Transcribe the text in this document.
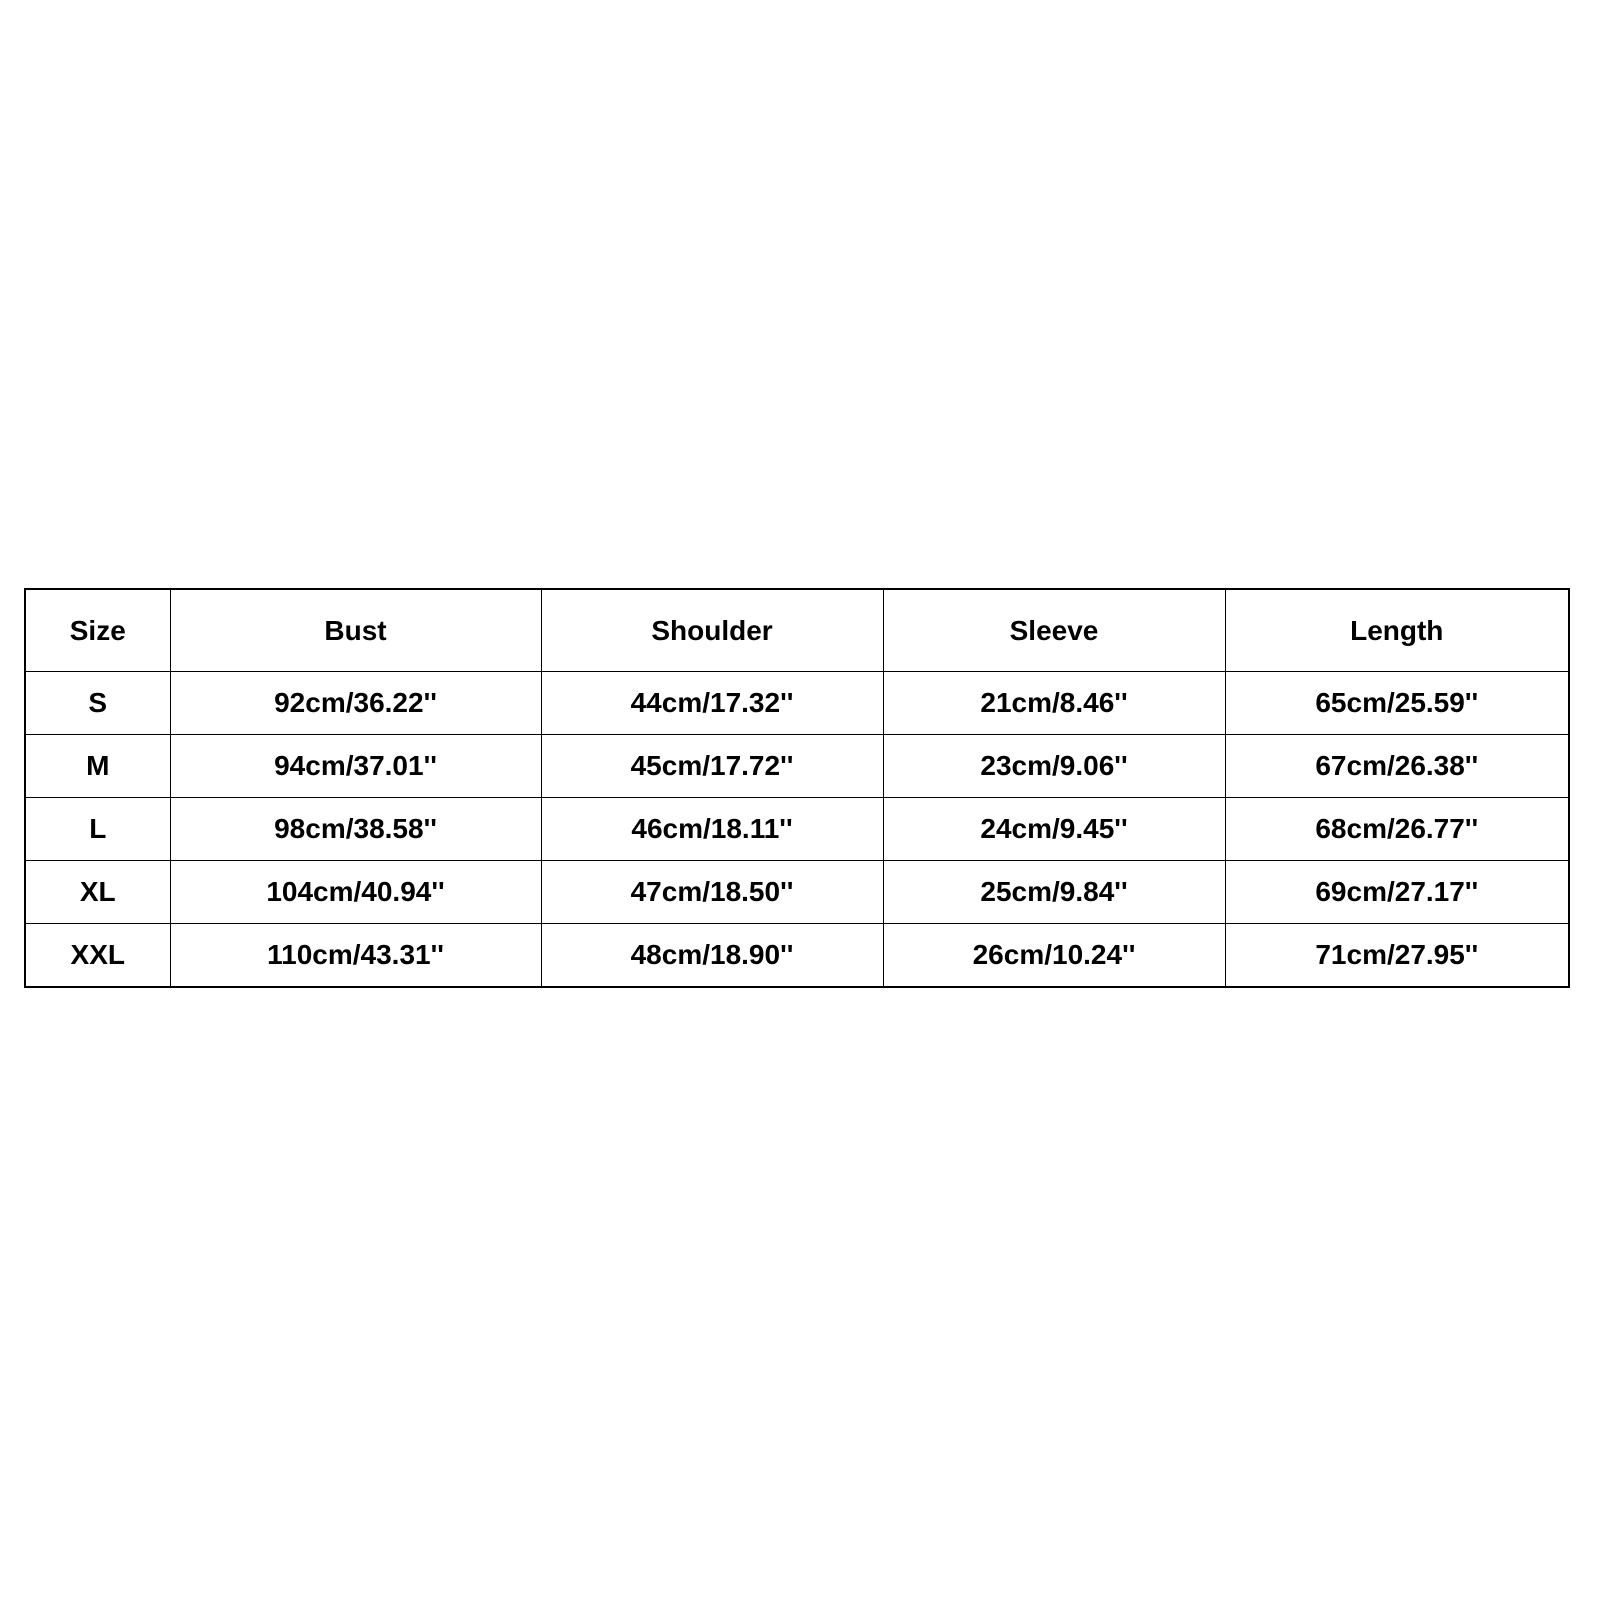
Size	Bust	Shoulder	Sleeve	Length
S	92cm/36.22''	44cm/17.32''	21cm/8.46''	65cm/25.59''
M	94cm/37.01''	45cm/17.72''	23cm/9.06''	67cm/26.38''
L	98cm/38.58''	46cm/18.11''	24cm/9.45''	68cm/26.77''
XL	104cm/40.94''	47cm/18.50''	25cm/9.84''	69cm/27.17''
XXL	110cm/43.31''	48cm/18.90''	26cm/10.24''	71cm/27.95''
